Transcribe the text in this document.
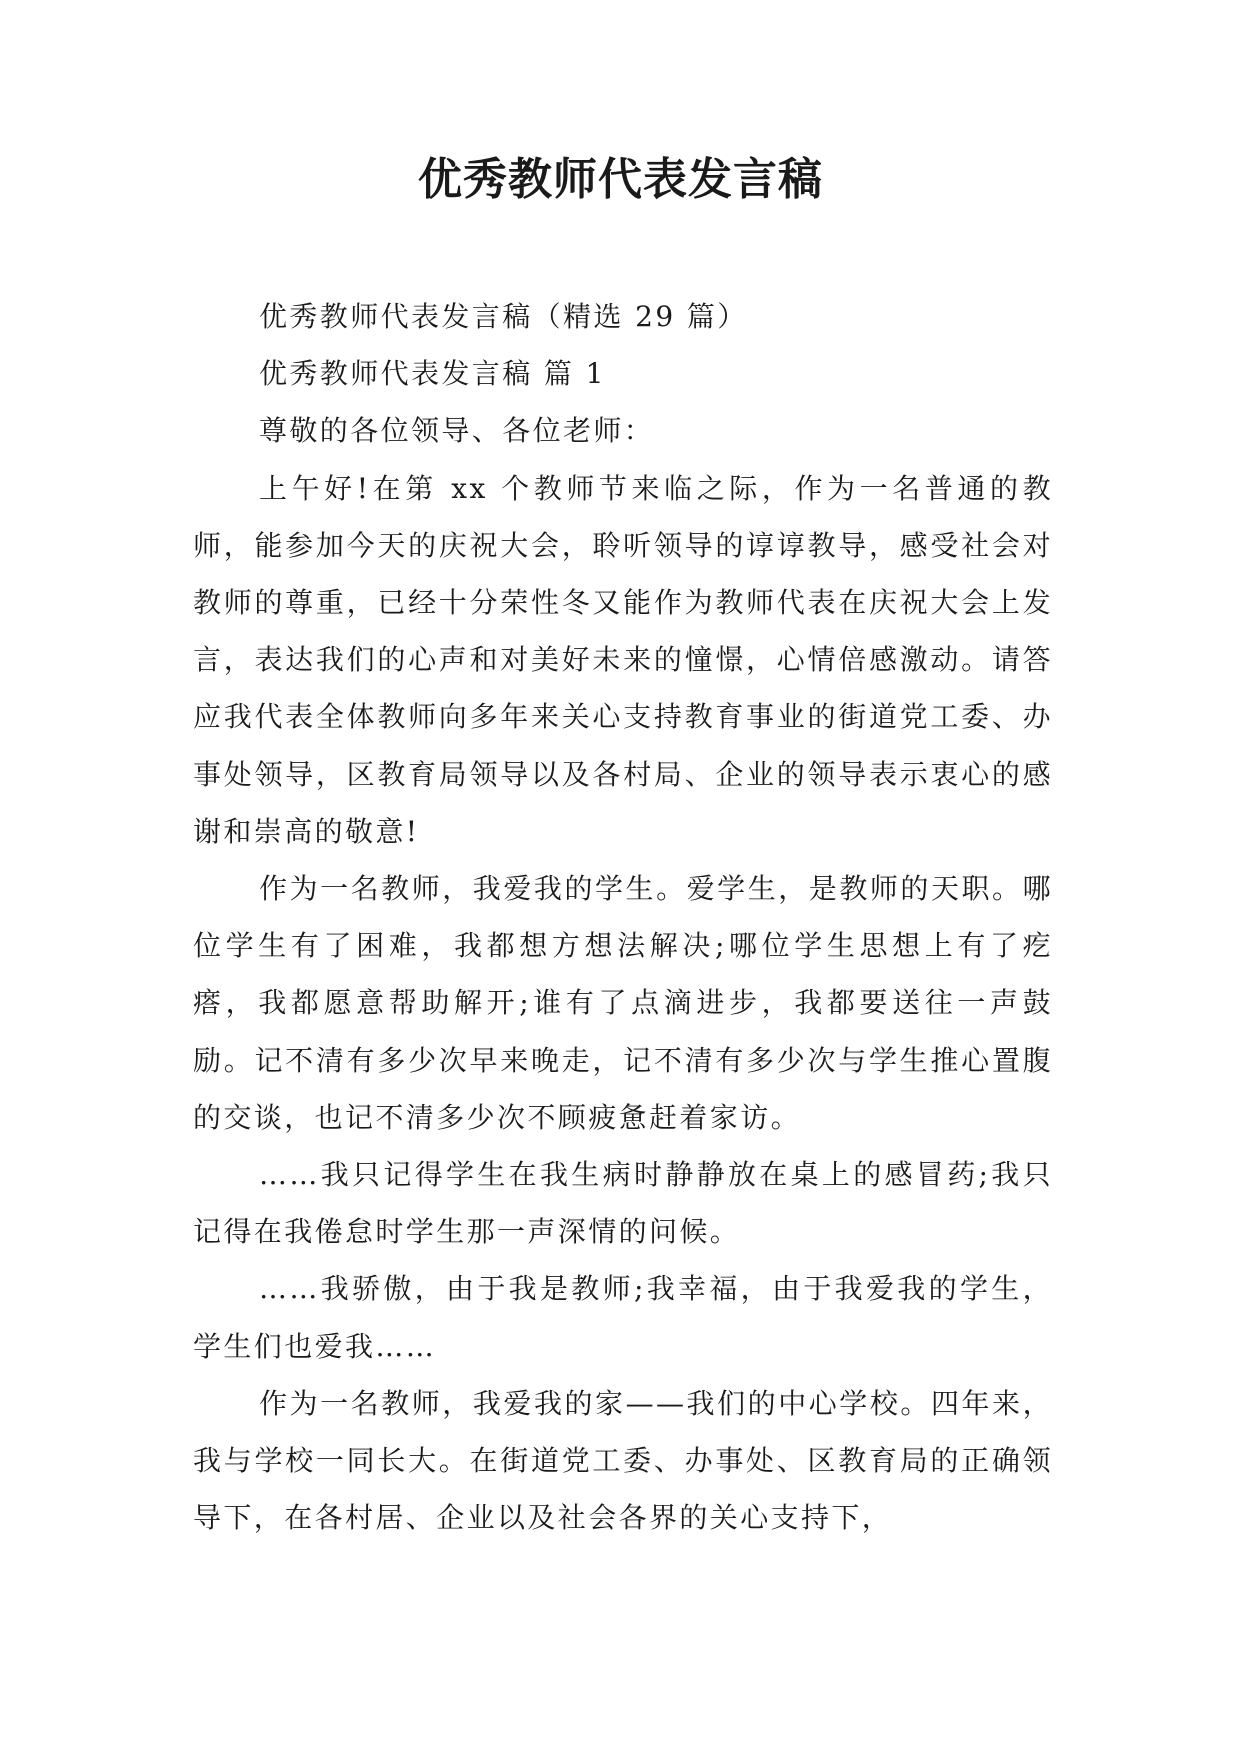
优秀教师代表发言稿

优秀教师代表发言稿（精选 29 篇）

优秀教师代表发言稿 篇 1

尊敬的各位领导、各位老师：

上午好!在第 xx 个教师节来临之际，作为一名普通的教师，能参加今天的庆祝大会，聆听领导的谆谆教导，感受社会对教师的尊重，已经十分荣性冬又能作为教师代表在庆祝大会上发言，表达我们的心声和对美好未来的憧憬，心情倍感激动。请答应我代表全体教师向多年来关心支持教育事业的街道党工委、办事处领导，区教育局领导以及各村局、企业的领导表示衷心的感谢和崇高的敬意!

作为一名教师，我爱我的学生。爱学生，是教师的天职。哪位学生有了困难，我都想方想法解决;哪位学生思想上有了疙瘩，我都愿意帮助解开;谁有了点滴进步，我都要送往一声鼓励。记不清有多少次早来晚走，记不清有多少次与学生推心置腹的交谈，也记不清多少次不顾疲惫赶着家访。

……我只记得学生在我生病时静静放在桌上的感冒药;我只记得在我倦怠时学生那一声深情的问候。

……我骄傲，由于我是教师;我幸福，由于我爱我的学生，学生们也爱我……

作为一名教师，我爱我的家——我们的中心学校。四年来，我与学校一同长大。在街道党工委、办事处、区教育局的正确领导下，在各村居、企业以及社会各界的关心支持下，
